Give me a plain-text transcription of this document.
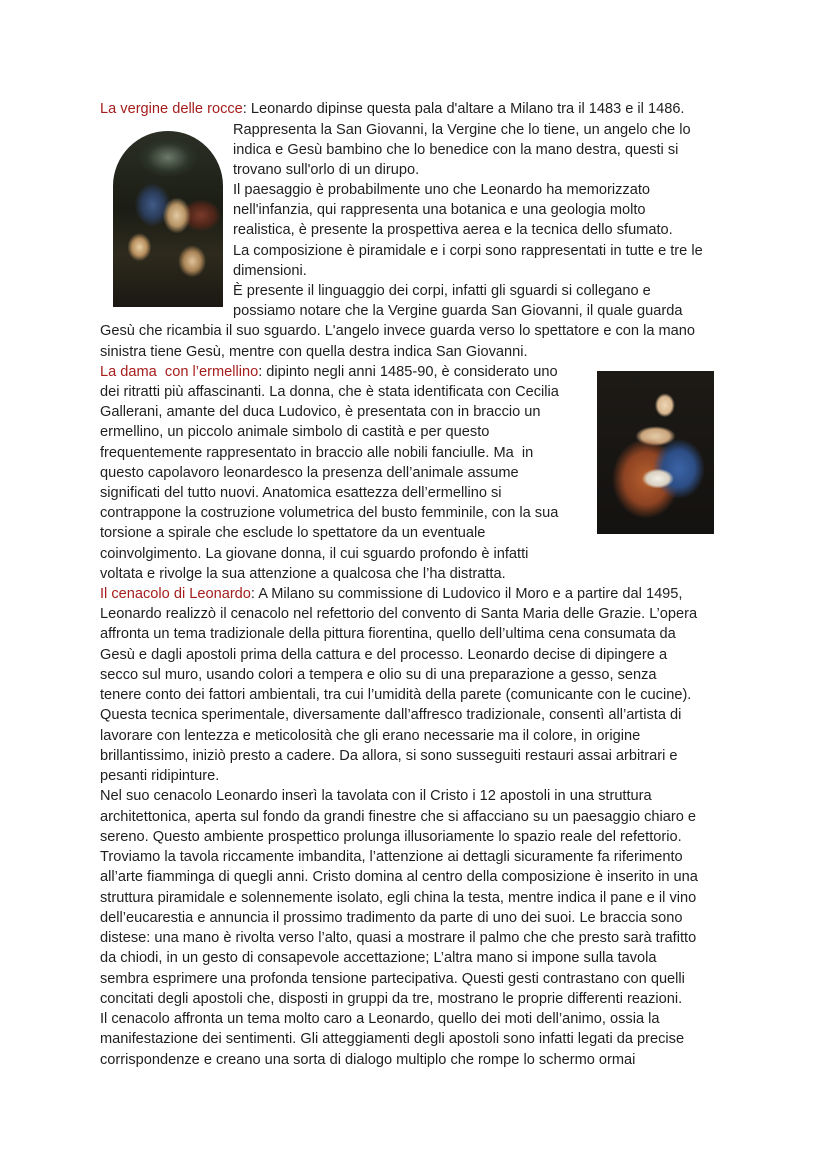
La vergine delle rocce: Leonardo dipinse questa pala d'altare a Milano tra il 1483 e il 1486.
Rappresenta la San Giovanni, la Vergine che lo tiene, un angelo che lo
indica e Gesù bambino che lo benedice con la mano destra, questi si
trovano sull'orlo di un dirupo.
Il paesaggio è probabilmente uno che Leonardo ha memorizzato
nell'infanzia, qui rappresenta una botanica e una geologia molto
realistica, è presente la prospettiva aerea e la tecnica dello sfumato.
La composizione è piramidale e i corpi sono rappresentati in tutte e tre le
dimensioni.
È presente il linguaggio dei corpi, infatti gli sguardi si collegano e
possiamo notare che la Vergine guarda San Giovanni, il quale guarda
Gesù che ricambia il suo sguardo. L'angelo invece guarda verso lo spettatore e con la mano
sinistra tiene Gesù, mentre con quella destra indica San Giovanni.
La dama  con l’ermellino: dipinto negli anni 1485-90, è considerato uno
dei ritratti più affascinanti. La donna, che è stata identificata con Cecilia
Gallerani, amante del duca Ludovico, è presentata con in braccio un
ermellino, un piccolo animale simbolo di castità e per questo
frequentemente rappresentato in braccio alle nobili fanciulle. Ma  in
questo capolavoro leonardesco la presenza dell’animale assume
significati del tutto nuovi. Anatomica esattezza dell’ermellino si
contrappone la costruzione volumetrica del busto femminile, con la sua
torsione a spirale che esclude lo spettatore da un eventuale
coinvolgimento. La giovane donna, il cui sguardo profondo è infatti
voltata e rivolge la sua attenzione a qualcosa che l’ha distratta.
Il cenacolo di Leonardo: A Milano su commissione di Ludovico il Moro e a partire dal 1495,
Leonardo realizzò il cenacolo nel refettorio del convento di Santa Maria delle Grazie. L’opera
affronta un tema tradizionale della pittura fiorentina, quello dell’ultima cena consumata da
Gesù e dagli apostoli prima della cattura e del processo. Leonardo decise di dipingere a
secco sul muro, usando colori a tempera e olio su di una preparazione a gesso, senza
tenere conto dei fattori ambientali, tra cui l’umidità della parete (comunicante con le cucine).
Questa tecnica sperimentale, diversamente dall’affresco tradizionale, consentì all’artista di
lavorare con lentezza e meticolosità che gli erano necessarie ma il colore, in origine
brillantissimo, iniziò presto a cadere. Da allora, si sono susseguiti restauri assai arbitrari e
pesanti ridipinture.
Nel suo cenacolo Leonardo inserì la tavolata con il Cristo i 12 apostoli in una struttura
architettonica, aperta sul fondo da grandi finestre che si affacciano su un paesaggio chiaro e
sereno. Questo ambiente prospettico prolunga illusoriamente lo spazio reale del refettorio.
Troviamo la tavola riccamente imbandita, l’attenzione ai dettagli sicuramente fa riferimento
all’arte fiamminga di quegli anni. Cristo domina al centro della composizione è inserito in una
struttura piramidale e solennemente isolato, egli china la testa, mentre indica il pane e il vino
dell’eucarestia e annuncia il prossimo tradimento da parte di uno dei suoi. Le braccia sono
distese: una mano è rivolta verso l’alto, quasi a mostrare il palmo che che presto sarà trafitto
da chiodi, in un gesto di consapevole accettazione; L’altra mano si impone sulla tavola
sembra esprimere una profonda tensione partecipativa. Questi gesti contrastano con quelli
concitati degli apostoli che, disposti in gruppi da tre, mostrano le proprie differenti reazioni.
Il cenacolo affronta un tema molto caro a Leonardo, quello dei moti dell’animo, ossia la
manifestazione dei sentimenti. Gli atteggiamenti degli apostoli sono infatti legati da precise
corrispondenze e creano una sorta di dialogo multiplo che rompe lo schermo ormai
